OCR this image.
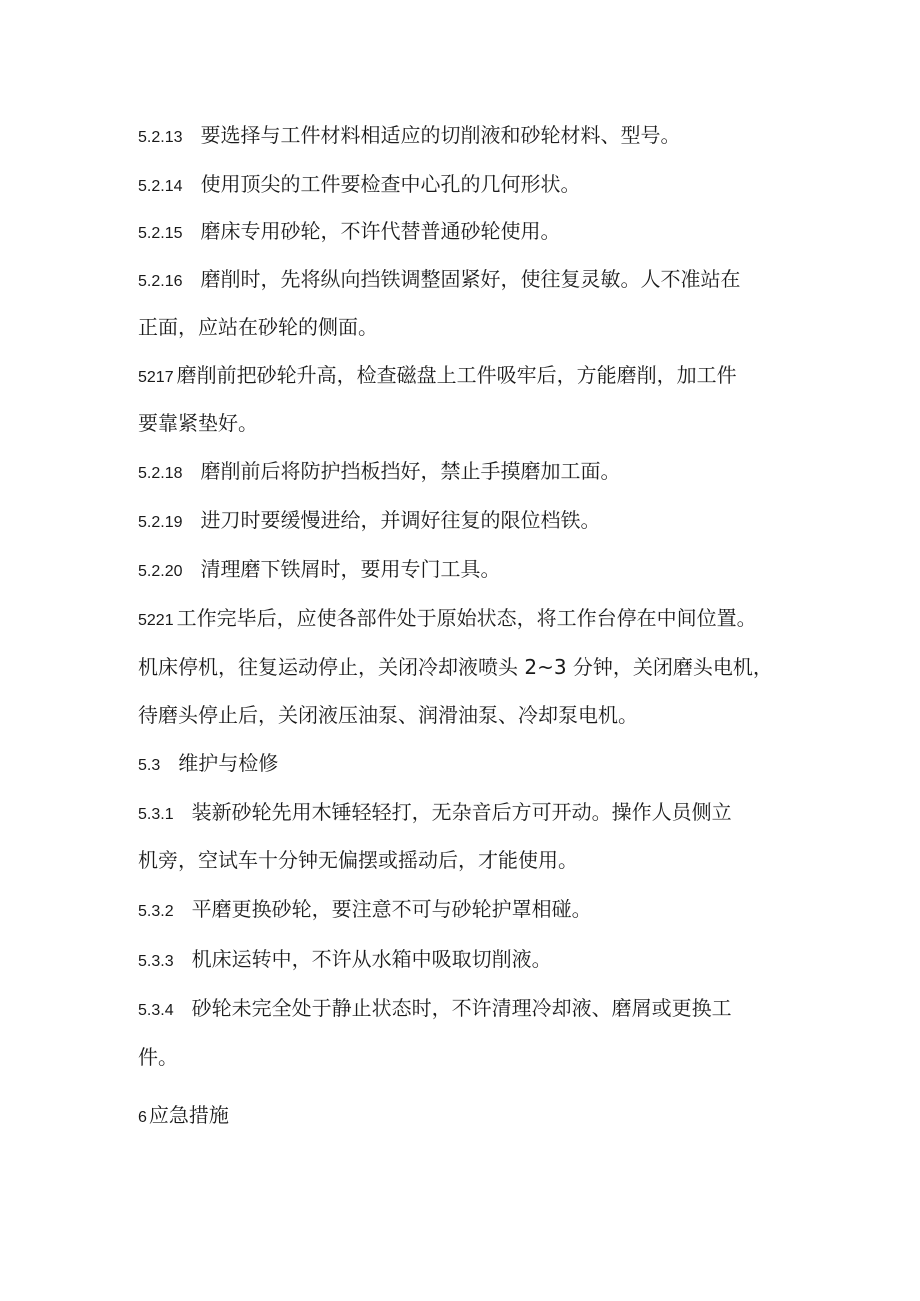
5.2.13 要选择与工件材料相适应的切削液和砂轮材料、型号。
5.2.14 使用顶尖的工件要检查中心孔的几何形状。
5.2.15 磨床专用砂轮，不许代替普通砂轮使用。
5.2.16 磨削时，先将纵向挡铁调整固紧好，使往复灵敏。人不准站在
正面，应站在砂轮的侧面。
5217 磨削前把砂轮升高，检查磁盘上工件吸牢后，方能磨削，加工件
要靠紧垫好。
5.2.18 磨削前后将防护挡板挡好，禁止手摸磨加工面。
5.2.19 进刀时要缓慢进给，并调好往复的限位档铁。
5.2.20 清理磨下铁屑时，要用专门工具。
5221 工作完毕后，应使各部件处于原始状态，将工作台停在中间位置。
机床停机，往复运动停止，关闭冷却液喷头 2~3 分钟，关闭磨头电机，
待磨头停止后，关闭液压油泵、润滑油泵、冷却泵电机。
5.3 维护与检修
5.3.1 装新砂轮先用木锤轻轻打，无杂音后方可开动。操作人员侧立
机旁，空试车十分钟无偏摆或摇动后，才能使用。
5.3.2 平磨更换砂轮，要注意不可与砂轮护罩相碰。
5.3.3 机床运转中，不许从水箱中吸取切削液。
5.3.4 砂轮未完全处于静止状态时，不许清理冷却液、磨屑或更换工
件。
6 应急措施
